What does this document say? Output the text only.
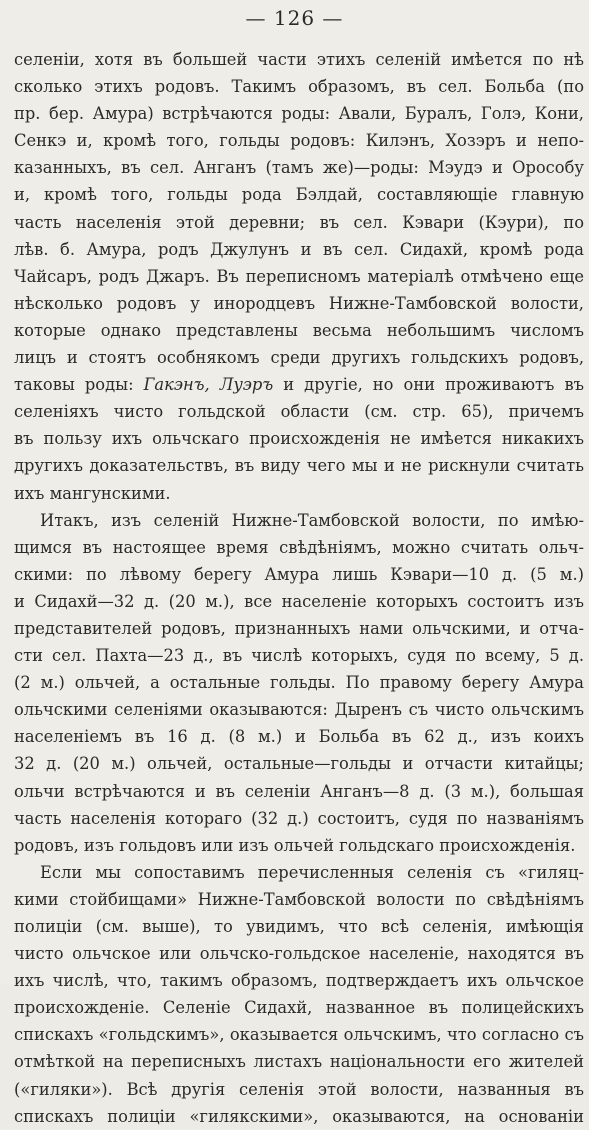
— 126 —
селеніи, хотя въ большей части этихъ селеній имѣется по нѣ
сколько этихъ родовъ. Такимъ образомъ, въ сел. Больба (по
пр. бер. Амура) встрѣчаются роды: Авали, Буралъ, Голэ, Кони,
Сенкэ и, кромѣ того, гольды родовъ: Килэнъ, Хозэръ и непо-
казанныхъ, въ сел. Анганъ (тамъ же)—роды: Мэудэ и Орособу
и, кромѣ того, гольды рода Бэлдай, составляющіе главную
часть населенія этой деревни; въ сел. Кэвари (Кэури), по
лѣв. б. Амура, родъ Джулунъ и въ сел. Сидахй, кромѣ рода
Чайсаръ, родъ Джаръ. Въ переписномъ матеріалѣ отмѣчено еще
нѣсколько родовъ у инородцевъ Нижне-Тамбовской волости,
которые однако представлены весьма небольшимъ числомъ
лицъ и стоятъ особнякомъ среди другихъ гольдскихъ родовъ,
таковы роды: Гакэнъ, Луэръ и другіе, но они проживаютъ въ
селеніяхъ чисто гольдской области (см. стр. 65), причемъ
въ пользу ихъ ольчскаго происхожденія не имѣется никакихъ
другихъ доказательствъ, въ виду чего мы и не рискнули считать
ихъ мангунскими.
Итакъ, изъ селеній Нижне-Тамбовской волости, по имѣю-
щимся въ настоящее время свѣдѣніямъ, можно считать ольч-
скими: по лѣвому берегу Амура лишь Кэвари—10 д. (5 м.)
и Сидахй—32 д. (20 м.), все населеніе которыхъ состоитъ изъ
представителей родовъ, признанныхъ нами ольчскими, и отча-
сти сел. Пахта—23 д., въ числѣ которыхъ, судя по всему, 5 д.
(2 м.) ольчей, а остальные гольды. По правому берегу Амура
ольчскими селеніями оказываются: Дыренъ съ чисто ольчскимъ
населеніемъ въ 16 д. (8 м.) и Больба въ 62 д., изъ коихъ
32 д. (20 м.) ольчей, остальные—гольды и отчасти китайцы;
ольчи встрѣчаются и въ селеніи Анганъ—8 д. (3 м.), большая
часть населенія котораго (32 д.) состоитъ, судя по названіямъ
родовъ, изъ гольдовъ или изъ ольчей гольдскаго происхожденія.
Если мы сопоставимъ перечисленныя селенія съ «гиляц-
кими стойбищами» Нижне-Тамбовской волости по свѣдѣніямъ
полиціи (см. выше), то увидимъ, что всѣ селенія, имѣющія
чисто ольчское или ольчско-гольдское населеніе, находятся въ
ихъ числѣ, что, такимъ образомъ, подтверждаетъ ихъ ольчское
происхожденіе. Селеніе Сидахй, названное въ полицейскихъ
спискахъ «гольдскимъ», оказывается ольчскимъ, что согласно съ
отмѣткой на переписныхъ листахъ національности его жителей
(«гиляки»). Всѣ другія селенія этой волости, названныя въ
спискахъ полиціи «гилякскими», оказываются, на основаніи
